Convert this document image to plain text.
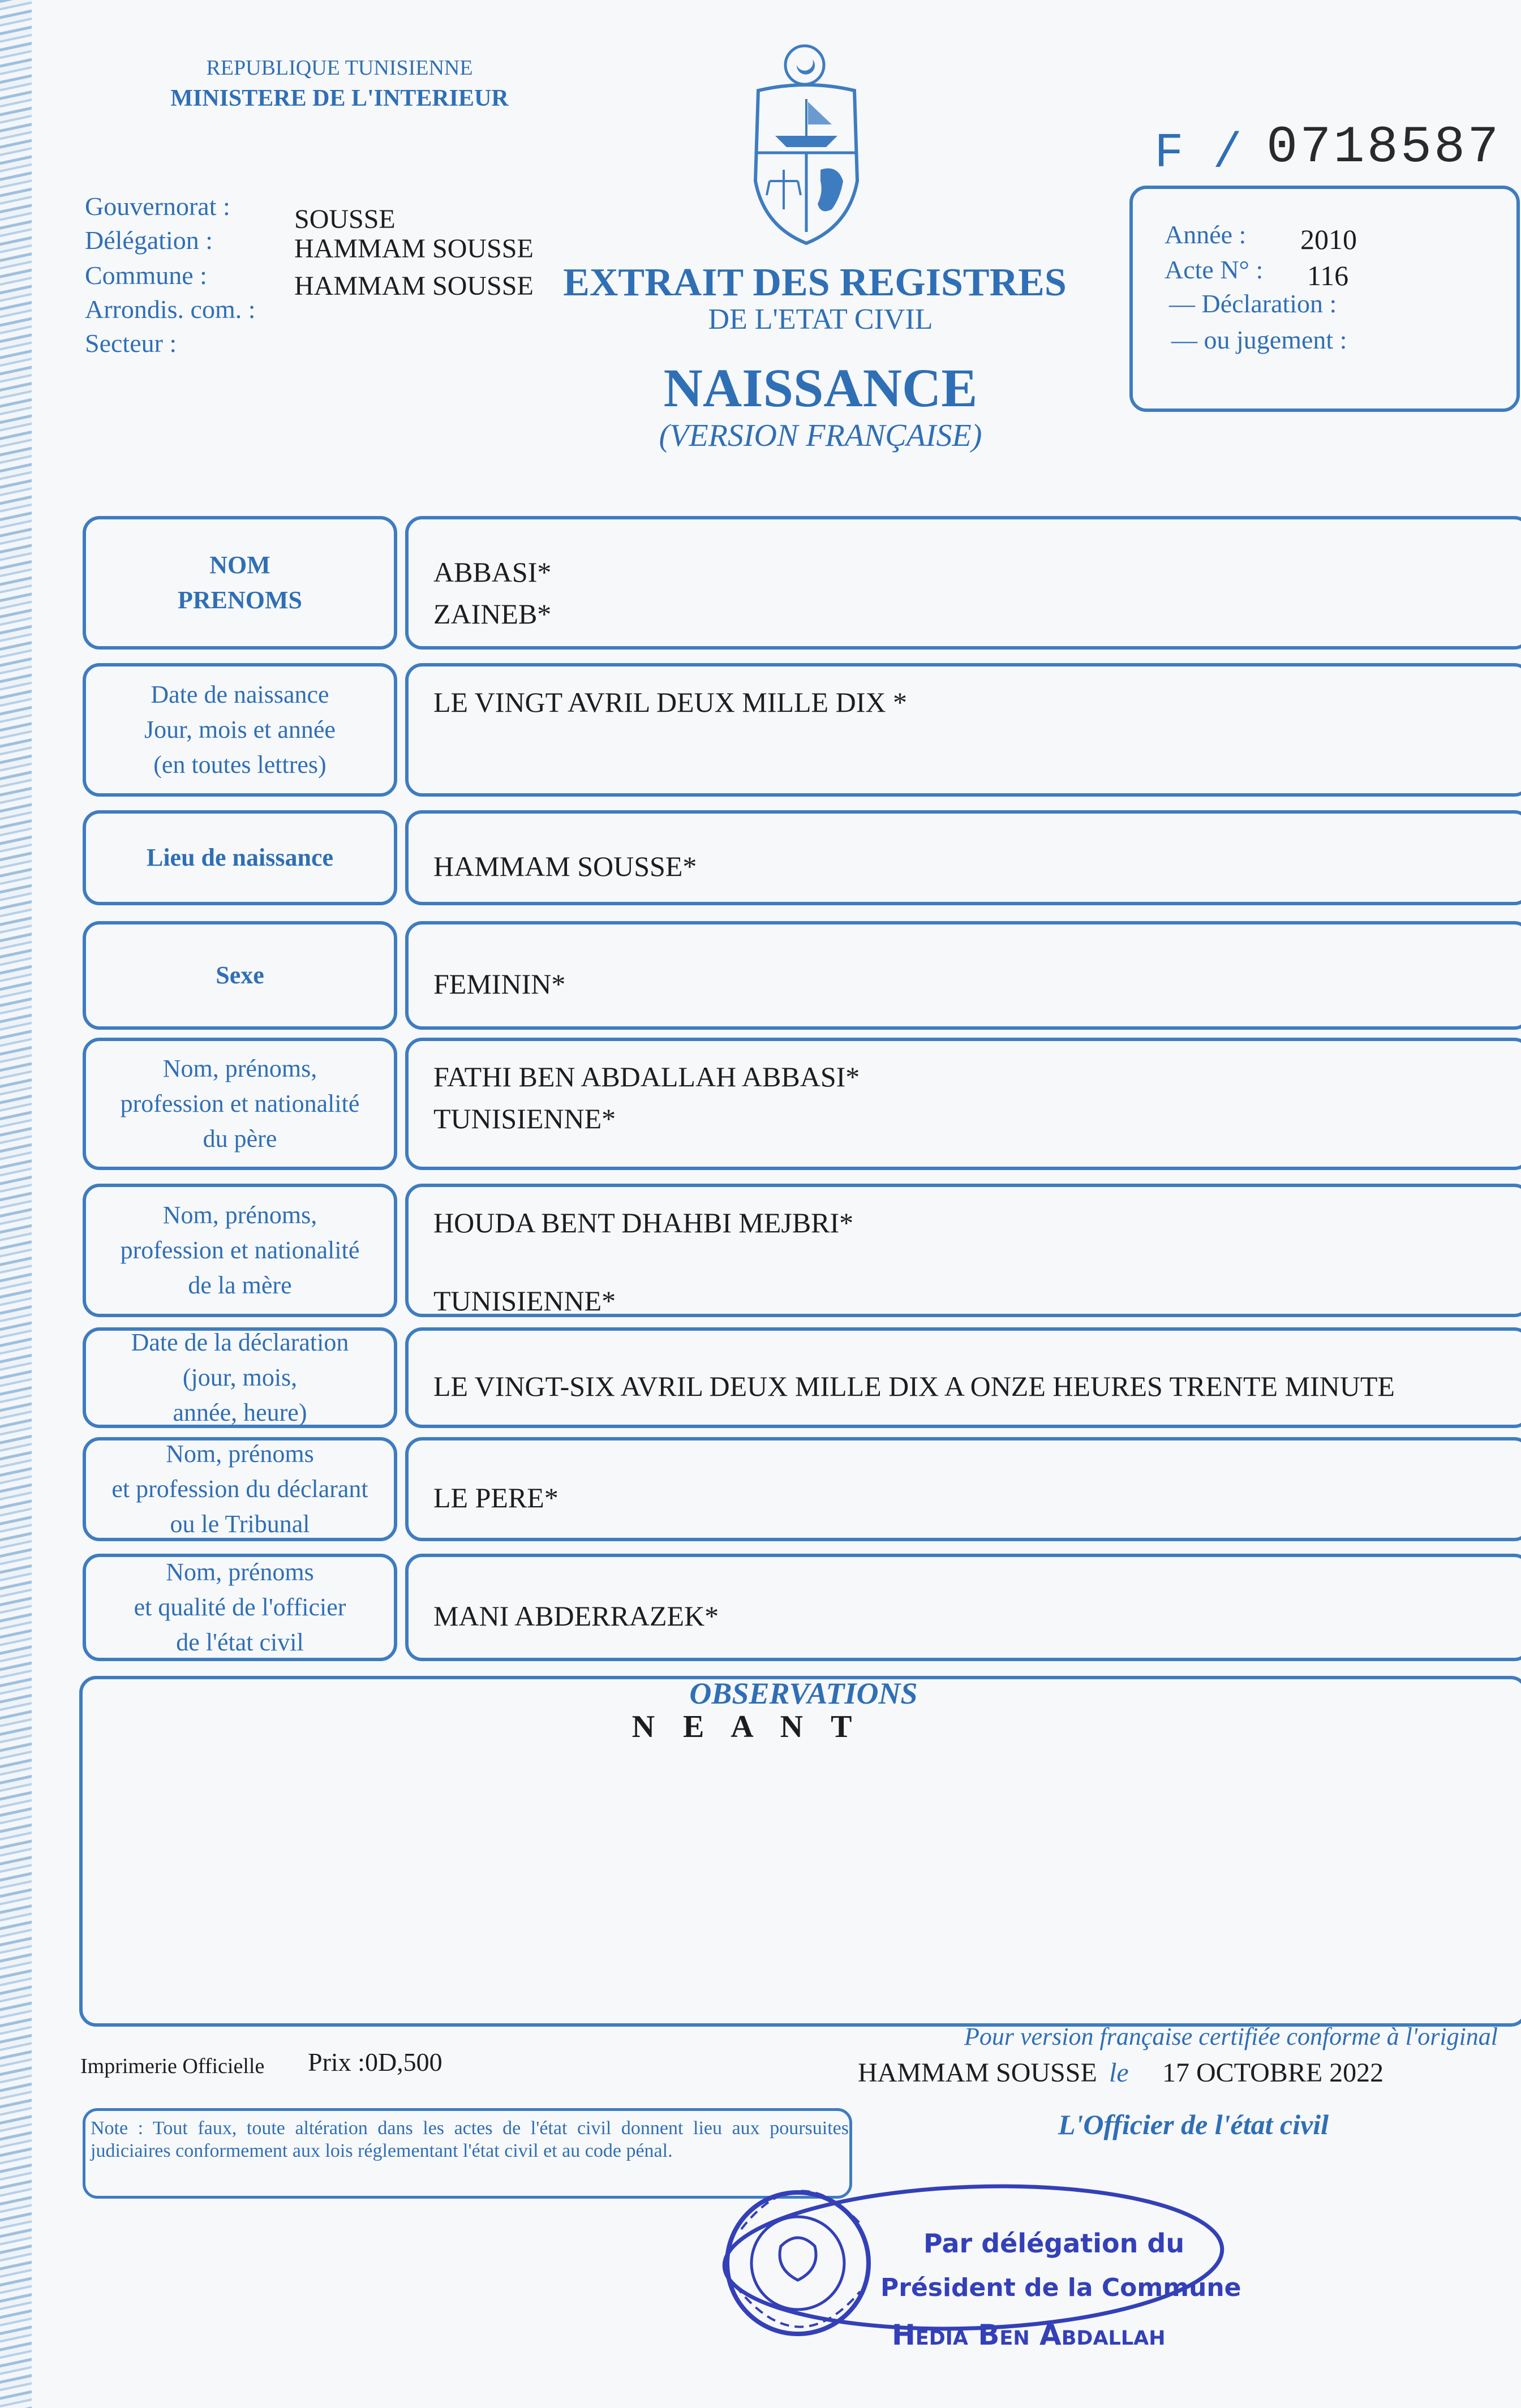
REPUBLIQUE TUNISIENNE
MINISTERE DE L'INTERIEUR
F / 0718587
Gouvernorat :
Délégation :
Commune :
Arrondis. com. :
Secteur :
SOUSSE
HAMMAM SOUSSE
HAMMAM SOUSSE EXTRAIT DES REGISTRES
DE L'ETAT CIVIL
NAISSANCE
(VERSION FRANÇAISE)
Année : 2010
Acte N° : 116
— Déclaration :
— ou jugement :
NOM
PRENOMS
ABBASI*
ZAINEB*
Date de naissance
Jour, mois et année
(en toutes lettres)
LE VINGT AVRIL DEUX MILLE DIX *
Lieu de naissance	HAMMAM SOUSSE*
Sexe	FEMININ*
Nom, prénoms,
profession et nationalité
du père
FATHI BEN ABDALLAH ABBASI*
TUNISIENNE*
Nom, prénoms,
profession et nationalité
de la mère
HOUDA BENT DHAHBI MEJBRI*
TUNISIENNE*
Date de la déclaration
(jour, mois,
année, heure)
LE VINGT-SIX AVRIL DEUX MILLE DIX A ONZE HEURES TRENTE MINUTE
Nom, prénoms
et profession du déclarant
ou le Tribunal
LE PERE*
Nom, prénoms
et qualité de l'officier
de l'état civil
MANI ABDERRAZEK*
OBSERVATIONS
N E A N T
Imprimerie Officielle Prix :0D,500
Pour version française certifiée conforme à l'original
HAMMAM SOUSSE le 17 OCTOBRE 2022
L'Officier de l'état civil
Note : Tout faux, toute altération dans les actes de l'état civil donnent lieu aux poursuites judiciaires conformement aux lois réglementant l'état civil et au code pénal.
Par délégation du
Président de la Commune
Hedia Ben Abdallah
